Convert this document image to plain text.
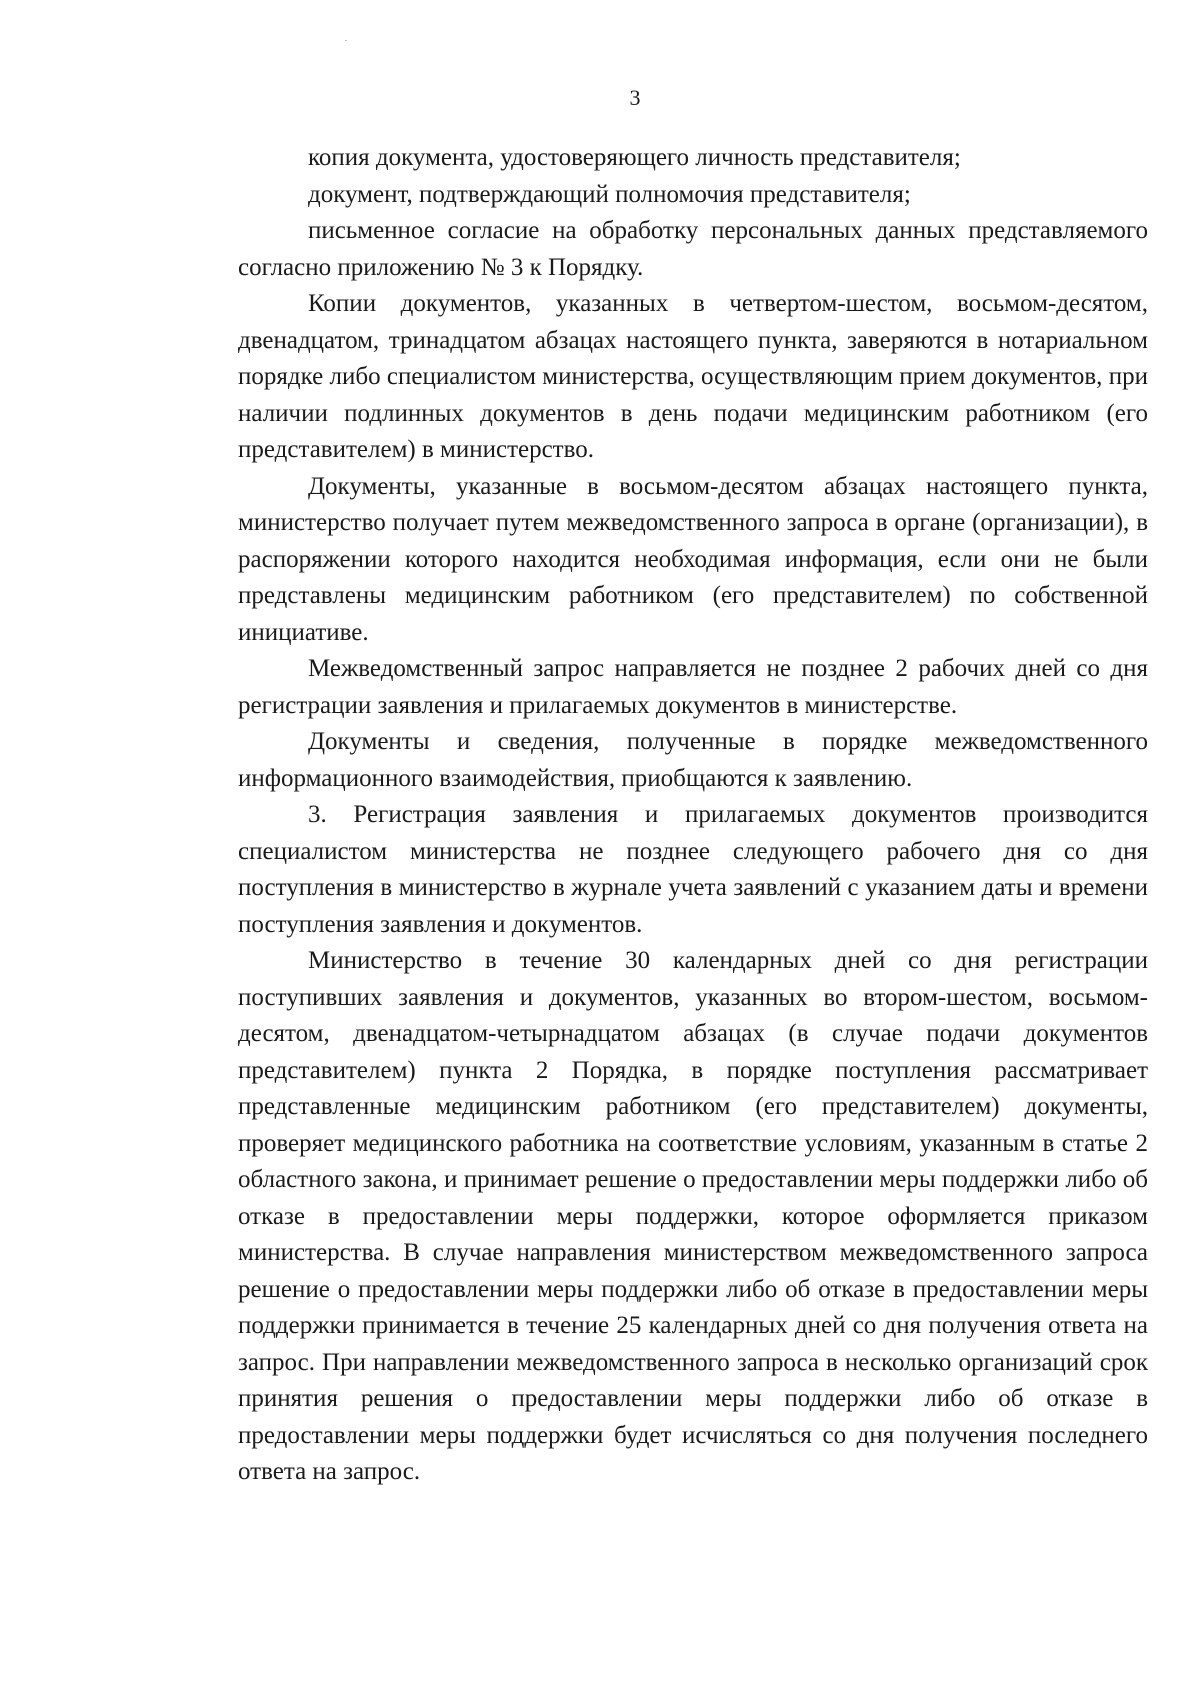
3

копия документа, удостоверяющего личность представителя;

документ, подтверждающий полномочия представителя;

письменное согласие на обработку персональных данных представляемого согласно приложению № 3 к Порядку.

Копии документов, указанных в четвертом-шестом, восьмом-десятом, двенадцатом, тринадцатом абзацах настоящего пункта, заверяются в нотариальном порядке либо специалистом министерства, осуществляющим прием документов, при наличии подлинных документов в день подачи медицинским работником (его представителем) в министерство.

Документы, указанные в восьмом-десятом абзацах настоящего пункта, министерство получает путем межведомственного запроса в органе (организации), в распоряжении которого находится необходимая информация, если они не были представлены медицинским работником (его представителем) по собственной инициативе.

Межведомственный запрос направляется не позднее 2 рабочих дней со дня регистрации заявления и прилагаемых документов в министерстве.

Документы и сведения, полученные в порядке межведомственного информационного взаимодействия, приобщаются к заявлению.

3. Регистрация заявления и прилагаемых документов производится специалистом министерства не позднее следующего рабочего дня со дня поступления в министерство в журнале учета заявлений с указанием даты и времени поступления заявления и документов.

Министерство в течение 30 календарных дней со дня регистрации поступивших заявления и документов, указанных во втором-шестом, восьмом-десятом, двенадцатом-четырнадцатом абзацах (в случае подачи документов представителем) пункта 2 Порядка, в порядке поступления рассматривает представленные медицинским работником (его представителем) документы, проверяет медицинского работника на соответствие условиям, указанным в статье 2 областного закона, и принимает решение о предоставлении меры поддержки либо об отказе в предоставлении меры поддержки, которое оформляется приказом министерства. В случае направления министерством межведомственного запроса решение о предоставлении меры поддержки либо об отказе в предоставлении меры поддержки принимается в течение 25 календарных дней со дня получения ответа на запрос. При направлении межведомственного запроса в несколько организаций срок принятия решения о предоставлении меры поддержки либо об отказе в предоставлении меры поддержки будет исчисляться со дня получения последнего ответа на запрос.
